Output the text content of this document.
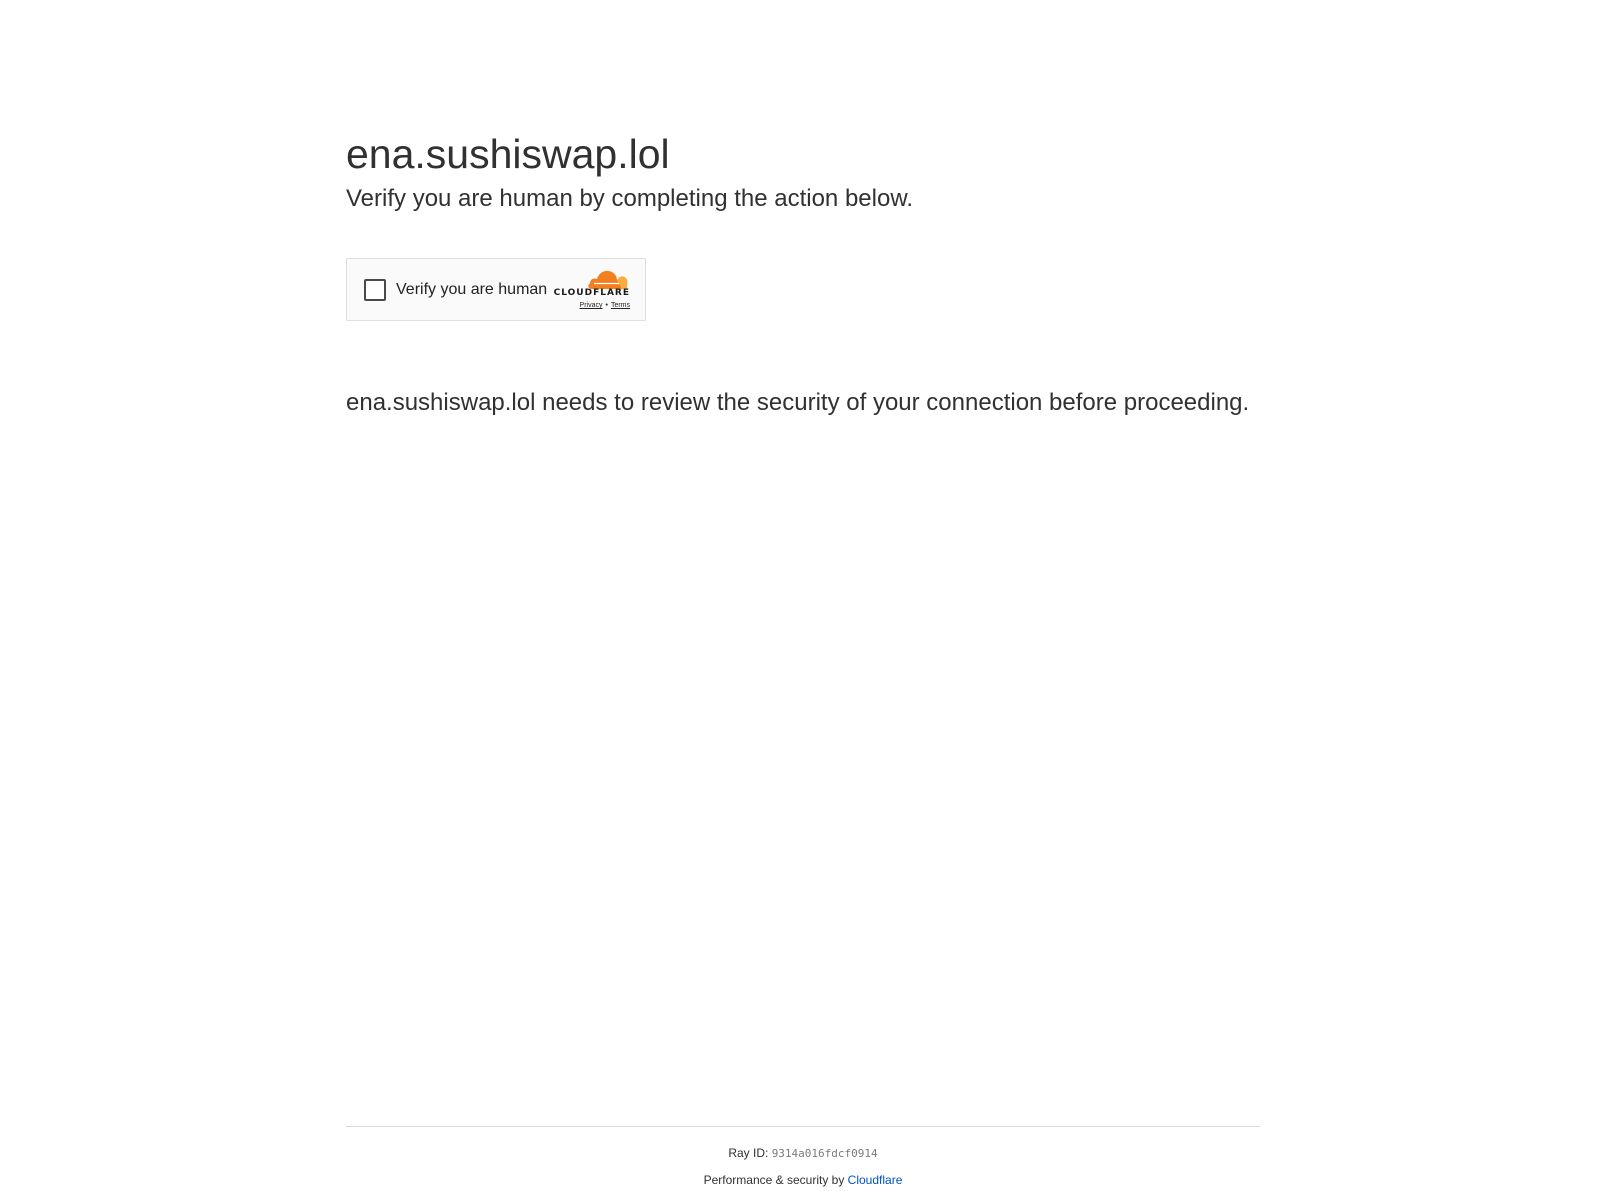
ena.sushiswap.lol
Verify you are human by completing the action below.
Verify you are human CLOUDFLARE
Privacy • Terms

ena.sushiswap.lol needs to review the security of your connection before proceeding.

Ray ID: 9314a016fdcf0914
Performance & security by Cloudflare
